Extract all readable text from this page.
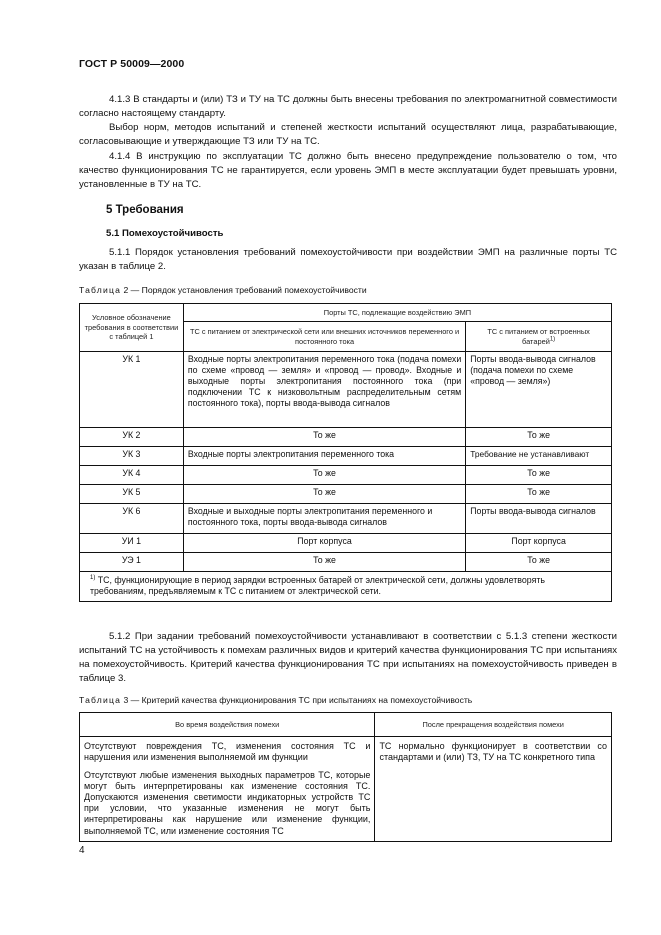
ГОСТ Р 50009—2000
4.1.3 В стандарты и (или) ТЗ и ТУ на ТС должны быть внесены требования по электромагнитной совместимости согласно настоящему стандарту.
Выбор норм, методов испытаний и степеней жесткости испытаний осуществляют лица, разрабатывающие, согласовывающие и утверждающие ТЗ или ТУ на ТС.
4.1.4 В инструкцию по эксплуатации ТС должно быть внесено предупреждение пользователю о том, что качество функционирования ТС не гарантируется, если уровень ЭМП в месте эксплуатации будет превышать уровни, установленные в ТУ на ТС.
5 Требования
5.1 Помехоустойчивость
5.1.1 Порядок установления требований помехоустойчивости при воздействии ЭМП на различные порты ТС указан в таблице 2.
Таблица 2 — Порядок установления требований помехоустойчивости
Условное обозначение требования в соответствии с таблицей 1	Порты ТС, подлежащие воздействию ЭМП	
	ТС с питанием от электрической сети или внешних источников переменного и постоянного тока	ТС с питанием от встроенных батарей$^{1)}$
УК 1	Входные порты электропитания переменного тока (подача помехи по схеме «провод — земля» и «провод — провод». Входные и выходные порты электропитания постоянного тока (при подключении ТС к низковольтным распределительным сетям постоянного тока), порты ввода-вывода сигналов	Порты ввода-вывода сигналов (подача помехи по схеме «провод — земля»)
УК 2	То же	То же
УК 3	Входные порты электропитания переменного тока	Требование не устанавливают
УК 4	То же	То же
УК 5	То же	То же
УК 6	Входные и выходные порты электропитания переменного и постоянного тока, порты ввода-вывода сигналов	Порты ввода-вывода сигналов
УИ 1	Порт корпуса	Порт корпуса
УЭ 1	То же	То же
$^{1)}$ ТС, функционирующие в период зарядки встроенных батарей от электрической сети, должны удовлетворять требованиям, предъявляемым к ТС с питанием от электрической сети.		
5.1.2 При задании требований помехоустойчивости устанавливают в соответствии с 5.1.3 степени жесткости испытаний ТС на устойчивость к помехам различных видов и критерий качества функционирования ТС при испытаниях на помехоустойчивость. Критерий качества функционирования ТС при испытаниях на помехоустойчивость приведен в таблице 3.
Таблица 3 — Критерий качества функционирования ТС при испытаниях на помехоустойчивость
Во время воздействия помехи	После прекращения воздействия помехи

Отсутствуют повреждения ТС, изменения состояния ТС и нарушения или изменения выполняемой им функции
Отсутствуют любые изменения выходных параметров ТС, которые могут быть интерпретированы как изменение состояния ТС. Допускаются изменения светимости индикаторных устройств ТС при условии, что указанные изменения не могут быть интерпретированы как нарушение или изменение функции, выполняемой ТС, или изменение состояния ТС	ТС нормально функционирует в соответствии со стандартами и (или) ТЗ, ТУ на ТС конкретного типа
4
